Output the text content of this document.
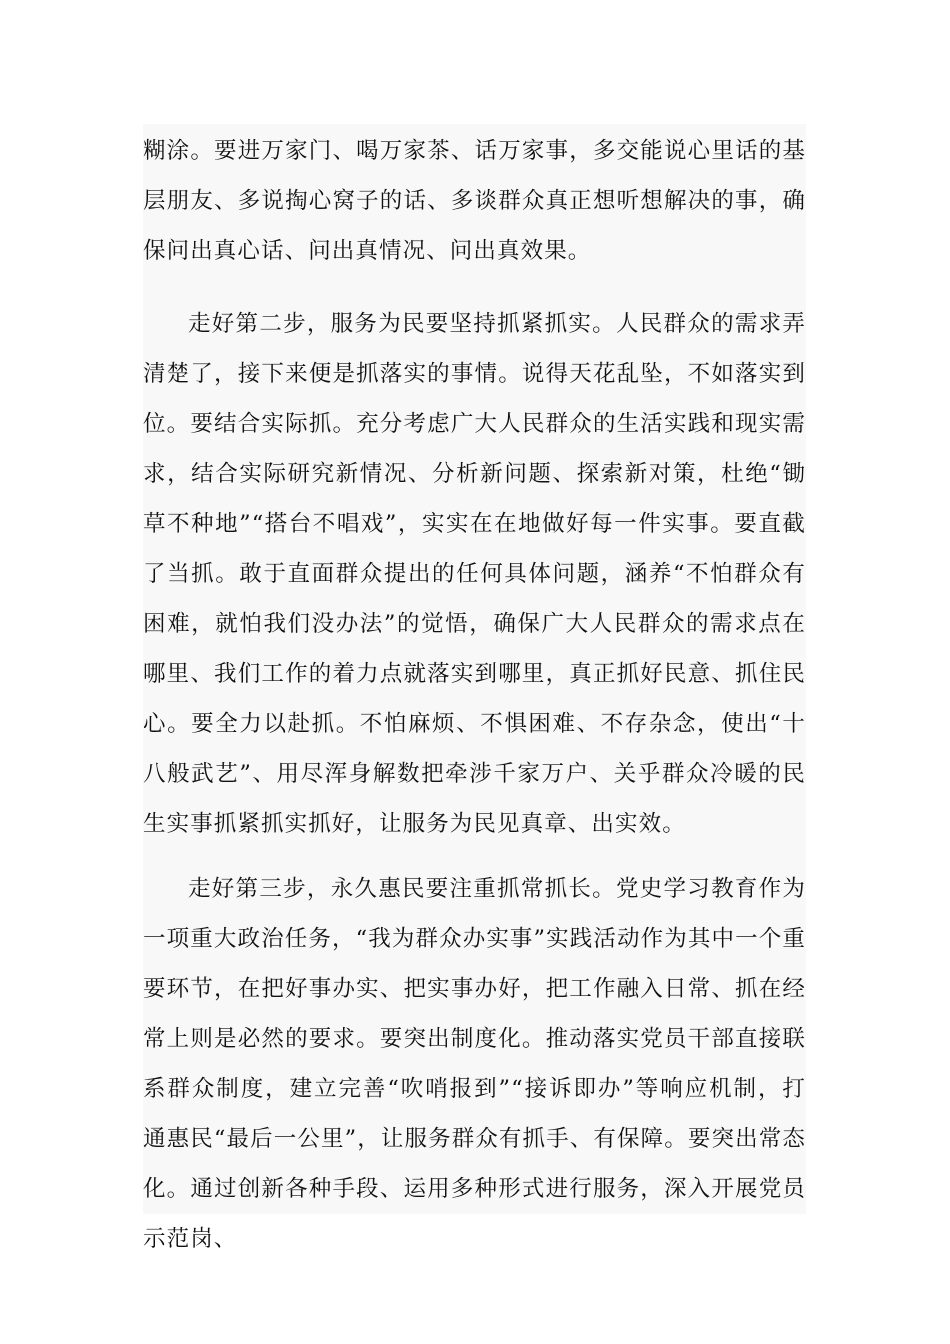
糊涂。要进万家门、喝万家茶、话万家事，多交能说心里话的基层朋友、多说掏心窝子的话、多谈群众真正想听想解决的事，确保问出真心话、问出真情况、问出真效果。

走好第二步，服务为民要坚持抓紧抓实。人民群众的需求弄清楚了，接下来便是抓落实的事情。说得天花乱坠，不如落实到位。要结合实际抓。充分考虑广大人民群众的生活实践和现实需求，结合实际研究新情况、分析新问题、探索新对策，杜绝“锄草不种地”“搭台不唱戏”，实实在在地做好每一件实事。要直截了当抓。敢于直面群众提出的任何具体问题，涵养“不怕群众有困难，就怕我们没办法”的觉悟，确保广大人民群众的需求点在哪里、我们工作的着力点就落实到哪里，真正抓好民意、抓住民心。要全力以赴抓。不怕麻烦、不惧困难、不存杂念，使出“十八般武艺”、用尽浑身解数把牵涉千家万户、关乎群众冷暖的民生实事抓紧抓实抓好，让服务为民见真章、出实效。

走好第三步，永久惠民要注重抓常抓长。党史学习教育作为一项重大政治任务，“我为群众办实事”实践活动作为其中一个重要环节，在把好事办实、把实事办好，把工作融入日常、抓在经常上则是必然的要求。要突出制度化。推动落实党员干部直接联系群众制度，建立完善“吹哨报到”“接诉即办”等响应机制，打通惠民“最后一公里”，让服务群众有抓手、有保障。要突出常态化。通过创新各种手段、运用多种形式进行服务，深入开展党员示范岗、
